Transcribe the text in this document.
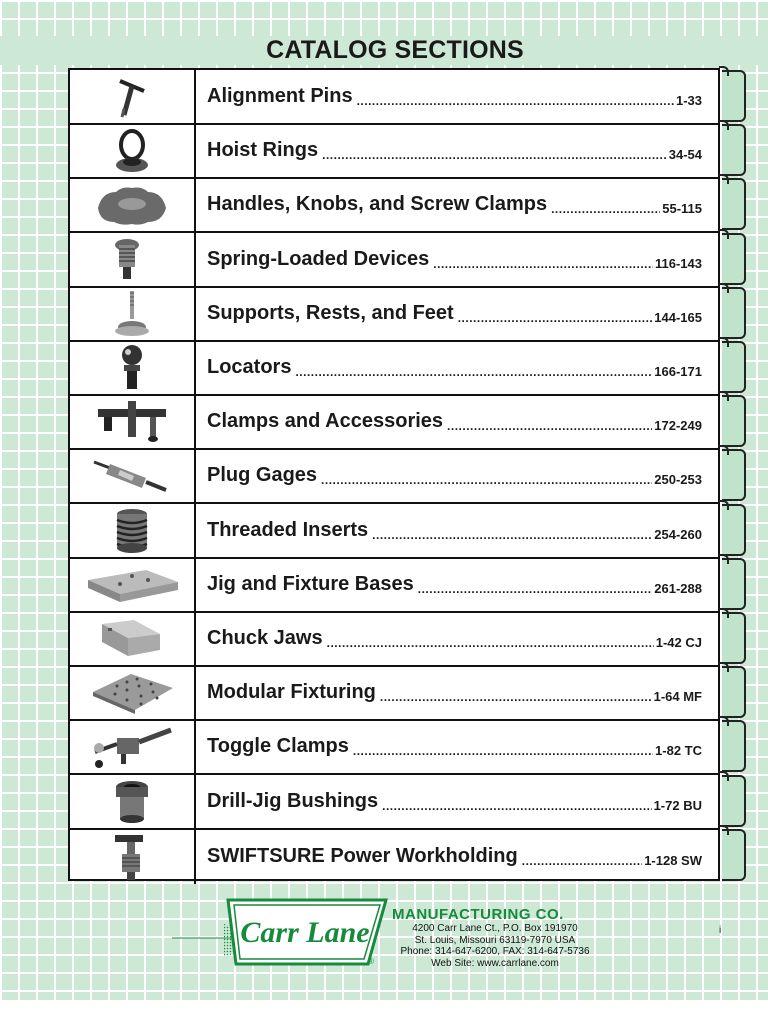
CATALOG SECTIONS
Alignment Pins .....	1-33
Hoist Rings .....	34-54
Handles, Knobs, and Screw Clamps .....	55-115
Spring-Loaded Devices .....	116-143
Supports, Rests, and Feet .....	144-165
Locators .....	166-171
Clamps and Accessories .....	172-249
Plug Gages .....	250-253
Threaded Inserts .....	254-260
Jig and Fixture Bases .....	261-288
Chuck Jaws .....	1-42 CJ
Modular Fixturing .....	1-64 MF
Toggle Clamps .....	1-82 TC
Drill-Jig Bushings .....	1-72 BU
SWIFTSURE Power Workholding .....	1-128 SW
Carr Lane
®
MANUFACTURING CO.
4200 Carr Lane Ct., P.O. Box 191970
St. Louis, Missouri 63119-7970 USA
Phone: 314-647-6200, FAX: 314-647-5736
Web Site: www.carrlane.com
i
